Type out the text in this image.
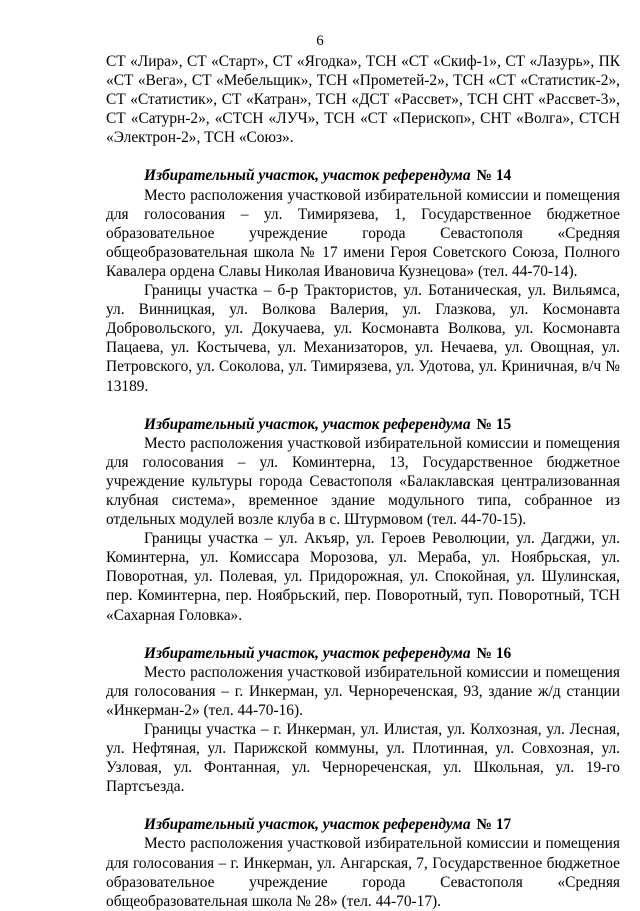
6

СТ «Лира», СТ «Старт», СТ «Ягодка», ТСН «СТ «Скиф-1», СТ «Лазурь», ПК «СТ «Вега», СТ «Мебельщик», ТСН «Прометей-2», ТСН «СТ «Статистик-2», СТ «Статистик», СТ «Катран», ТСН «ДСТ «Рассвет», ТСН СНТ «Рассвет-3», СТ «Сатурн-2», «СТСН «ЛУЧ», ТСН «СТ «Перископ», СНТ «Волга», СТСН «Электрон-2», ТСН «Союз».

Избирательный участок, участок референдума № 14

Место расположения участковой избирательной комиссии и помещения для голосования – ул. Тимирязева, 1, Государственное бюджетное образовательное учреждение города Севастополя «Средняя общеобразовательная школа № 17 имени Героя Советского Союза, Полного Кавалера ордена Славы Николая Ивановича Кузнецова» (тел. 44-70-14).

Границы участка – б-р Трактористов, ул. Ботаническая, ул. Вильямса, ул. Винницкая, ул. Волкова Валерия, ул. Глазкова, ул. Космонавта Добровольского, ул. Докучаева, ул. Космонавта Волкова, ул. Космонавта Пацаева, ул. Костычева, ул. Механизаторов, ул. Нечаева, ул. Овощная, ул. Петровского, ул. Соколова, ул. Тимирязева, ул. Удотова, ул. Криничная, в/ч № 13189.

Избирательный участок, участок референдума № 15

Место расположения участковой избирательной комиссии и помещения для голосования – ул. Коминтерна, 13, Государственное бюджетное учреждение культуры города Севастополя «Балаклавская централизованная клубная система», временное здание модульного типа, собранное из отдельных модулей возле клуба в с. Штурмовом (тел. 44-70-15).

Границы участка – ул. Акъяр, ул. Героев Революции, ул. Дагджи, ул. Коминтерна, ул. Комиссара Морозова, ул. Мераба, ул. Ноябрьская, ул. Поворотная, ул. Полевая, ул. Придорожная, ул. Спокойная, ул. Шулинская, пер. Коминтерна, пер. Ноябрьский, пер. Поворотный, туп. Поворотный, ТСН «Сахарная Головка».

Избирательный участок, участок референдума № 16

Место расположения участковой избирательной комиссии и помещения для голосования – г. Инкерман, ул. Чернореченская, 93, здание ж/д станции «Инкерман-2» (тел. 44-70-16).

Границы участка – г. Инкерман, ул. Илистая, ул. Колхозная, ул. Лесная, ул. Нефтяная, ул. Парижской коммуны, ул. Плотинная, ул. Совхозная, ул. Узловая, ул. Фонтанная, ул. Чернореченская, ул. Школьная, ул. 19-го Партсъезда.

Избирательный участок, участок референдума № 17

Место расположения участковой избирательной комиссии и помещения для голосования – г. Инкерман, ул. Ангарская, 7, Государственное бюджетное образовательное учреждение города Севастополя «Средняя общеобразовательная школа № 28» (тел. 44-70-17).
